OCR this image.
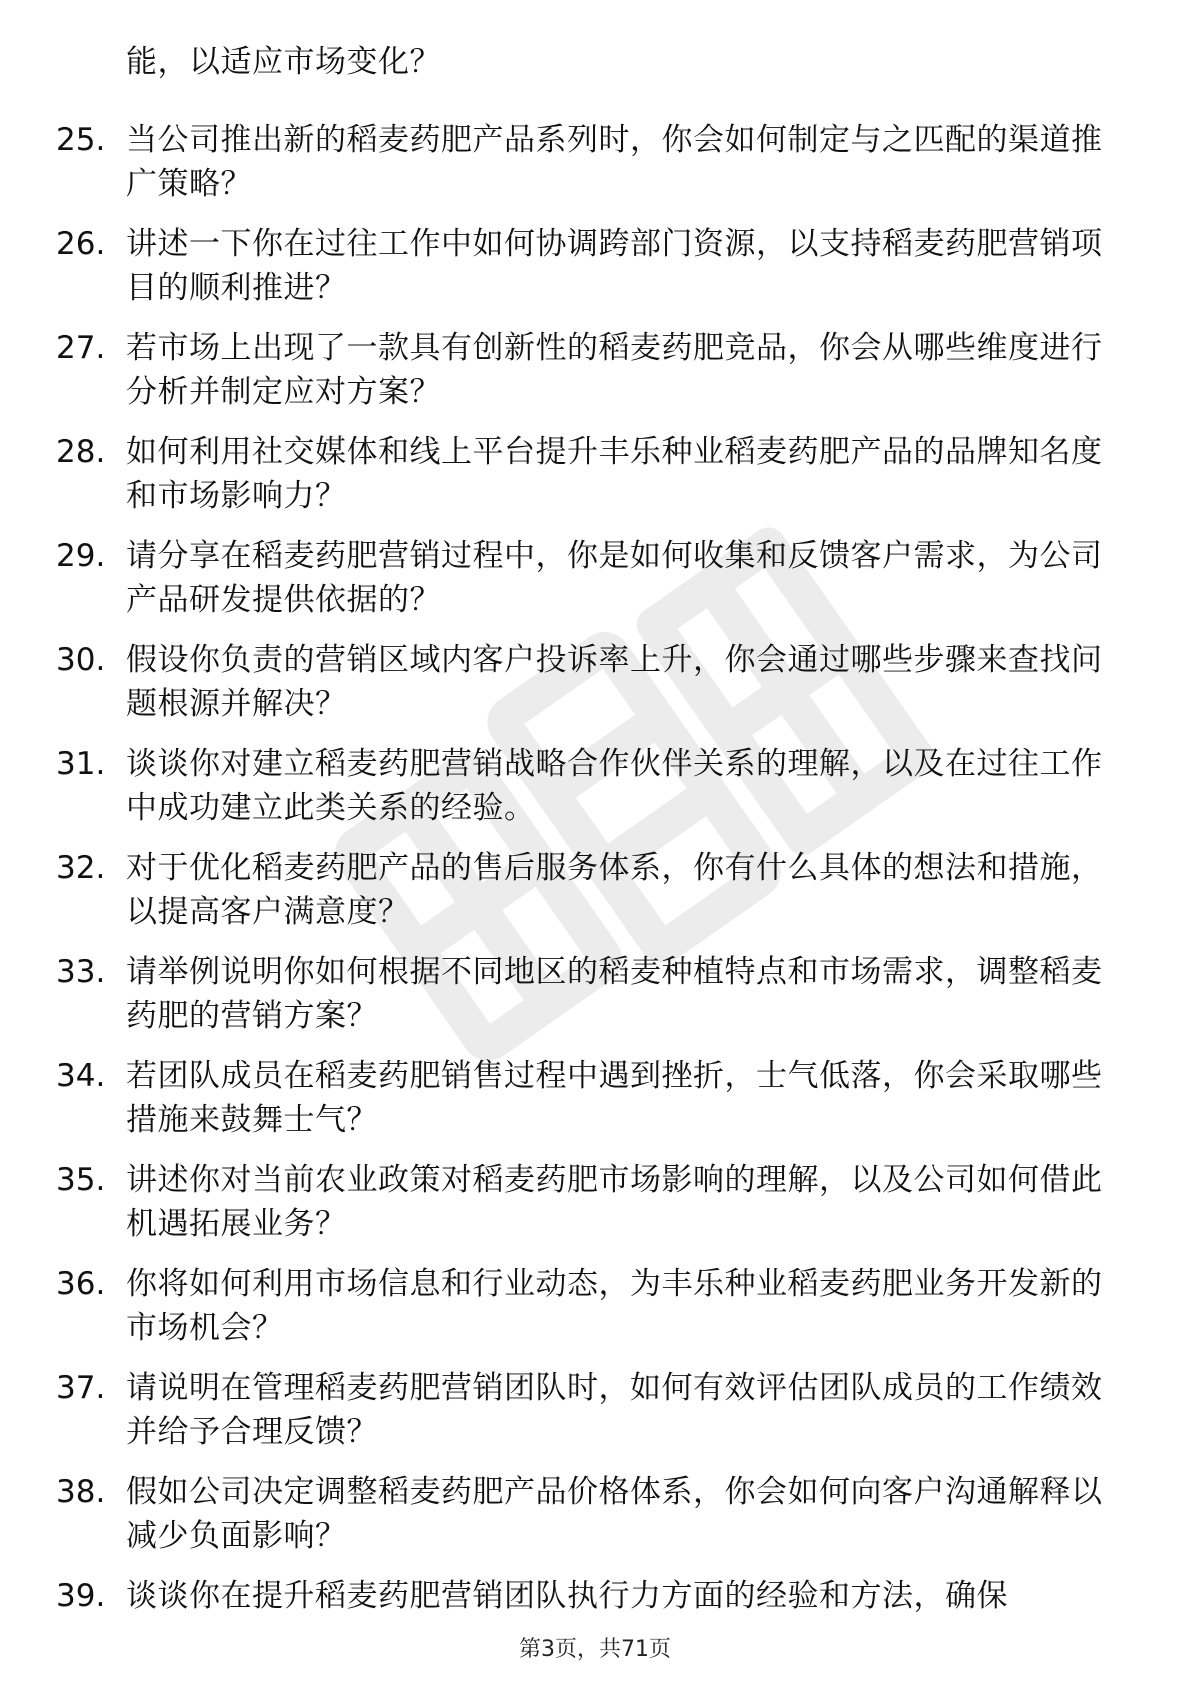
能，以适应市场变化？
25. 当公司推出新的稻麦药肥产品系列时，你会如何制定与之匹配的渠道推广策略？
26. 讲述一下你在过往工作中如何协调跨部门资源，以支持稻麦药肥营销项目的顺利推进？
27. 若市场上出现了一款具有创新性的稻麦药肥竞品，你会从哪些维度进行分析并制定应对方案？
28. 如何利用社交媒体和线上平台提升丰乐种业稻麦药肥产品的品牌知名度和市场影响力？
29. 请分享在稻麦药肥营销过程中，你是如何收集和反馈客户需求，为公司产品研发提供依据的？
30. 假设你负责的营销区域内客户投诉率上升，你会通过哪些步骤来查找问题根源并解决？
31. 谈谈你对建立稻麦药肥营销战略合作伙伴关系的理解，以及在过往工作中成功建立此类关系的经验。
32. 对于优化稻麦药肥产品的售后服务体系，你有什么具体的想法和措施，以提高客户满意度？
33. 请举例说明你如何根据不同地区的稻麦种植特点和市场需求，调整稻麦药肥的营销方案？
34. 若团队成员在稻麦药肥销售过程中遇到挫折，士气低落，你会采取哪些措施来鼓舞士气？
35. 讲述你对当前农业政策对稻麦药肥市场影响的理解，以及公司如何借此机遇拓展业务？
36. 你将如何利用市场信息和行业动态，为丰乐种业稻麦药肥业务开发新的市场机会？
37. 请说明在管理稻麦药肥营销团队时，如何有效评估团队成员的工作绩效并给予合理反馈？
38. 假如公司决定调整稻麦药肥产品价格体系，你会如何向客户沟通解释以减少负面影响？
39. 谈谈你在提升稻麦药肥营销团队执行力方面的经验和方法，确保
第3页，共71页
